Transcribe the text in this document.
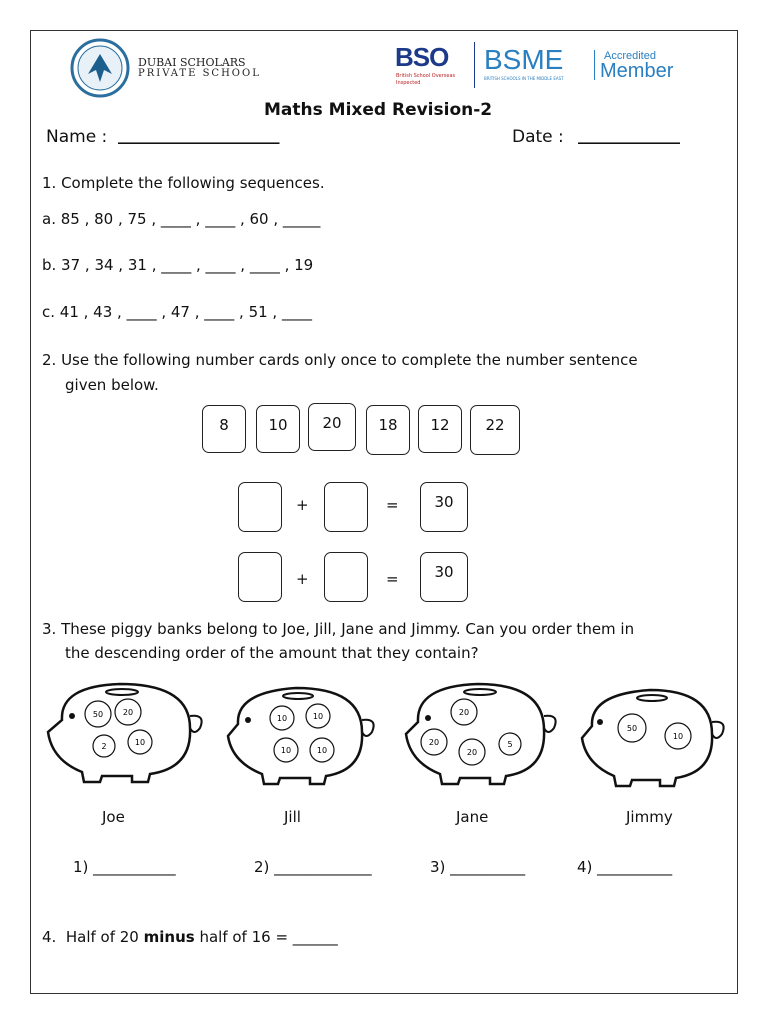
DUBAI SCHOLARS
PRIVATE SCHOOL
BSO
British School Overseas
Inspected
BSME
BRITISH SCHOOLS IN THE MIDDLE EAST
Accredited
Member
Maths Mixed Revision-2
Name : ___________________	Date : ____________
1. Complete the following sequences.
a. 85 , 80 , 75 , ____ , ____ , 60 , _____
b. 37 , 34 , 31 , ____ , ____ , ____ , 19
c. 41 , 43 , ____ , 47 , ____ , 51 , ____
2. Use the following number cards only once to complete the number sentence
given below.
8	10	20	18	12	22
+	=	30
+	=	30
3. These piggy banks belong to Joe, Jill, Jane and Jimmy. Can you order them in
the descending order of the amount that they contain?
50 20
10
2
10	10
10	10
20
20
20
5
50
10
Joe	Jill	Jane	Jimmy
1) ___________	2) _____________	3) __________	4) __________
4.  Half of 20 minus half of 16 = ______
